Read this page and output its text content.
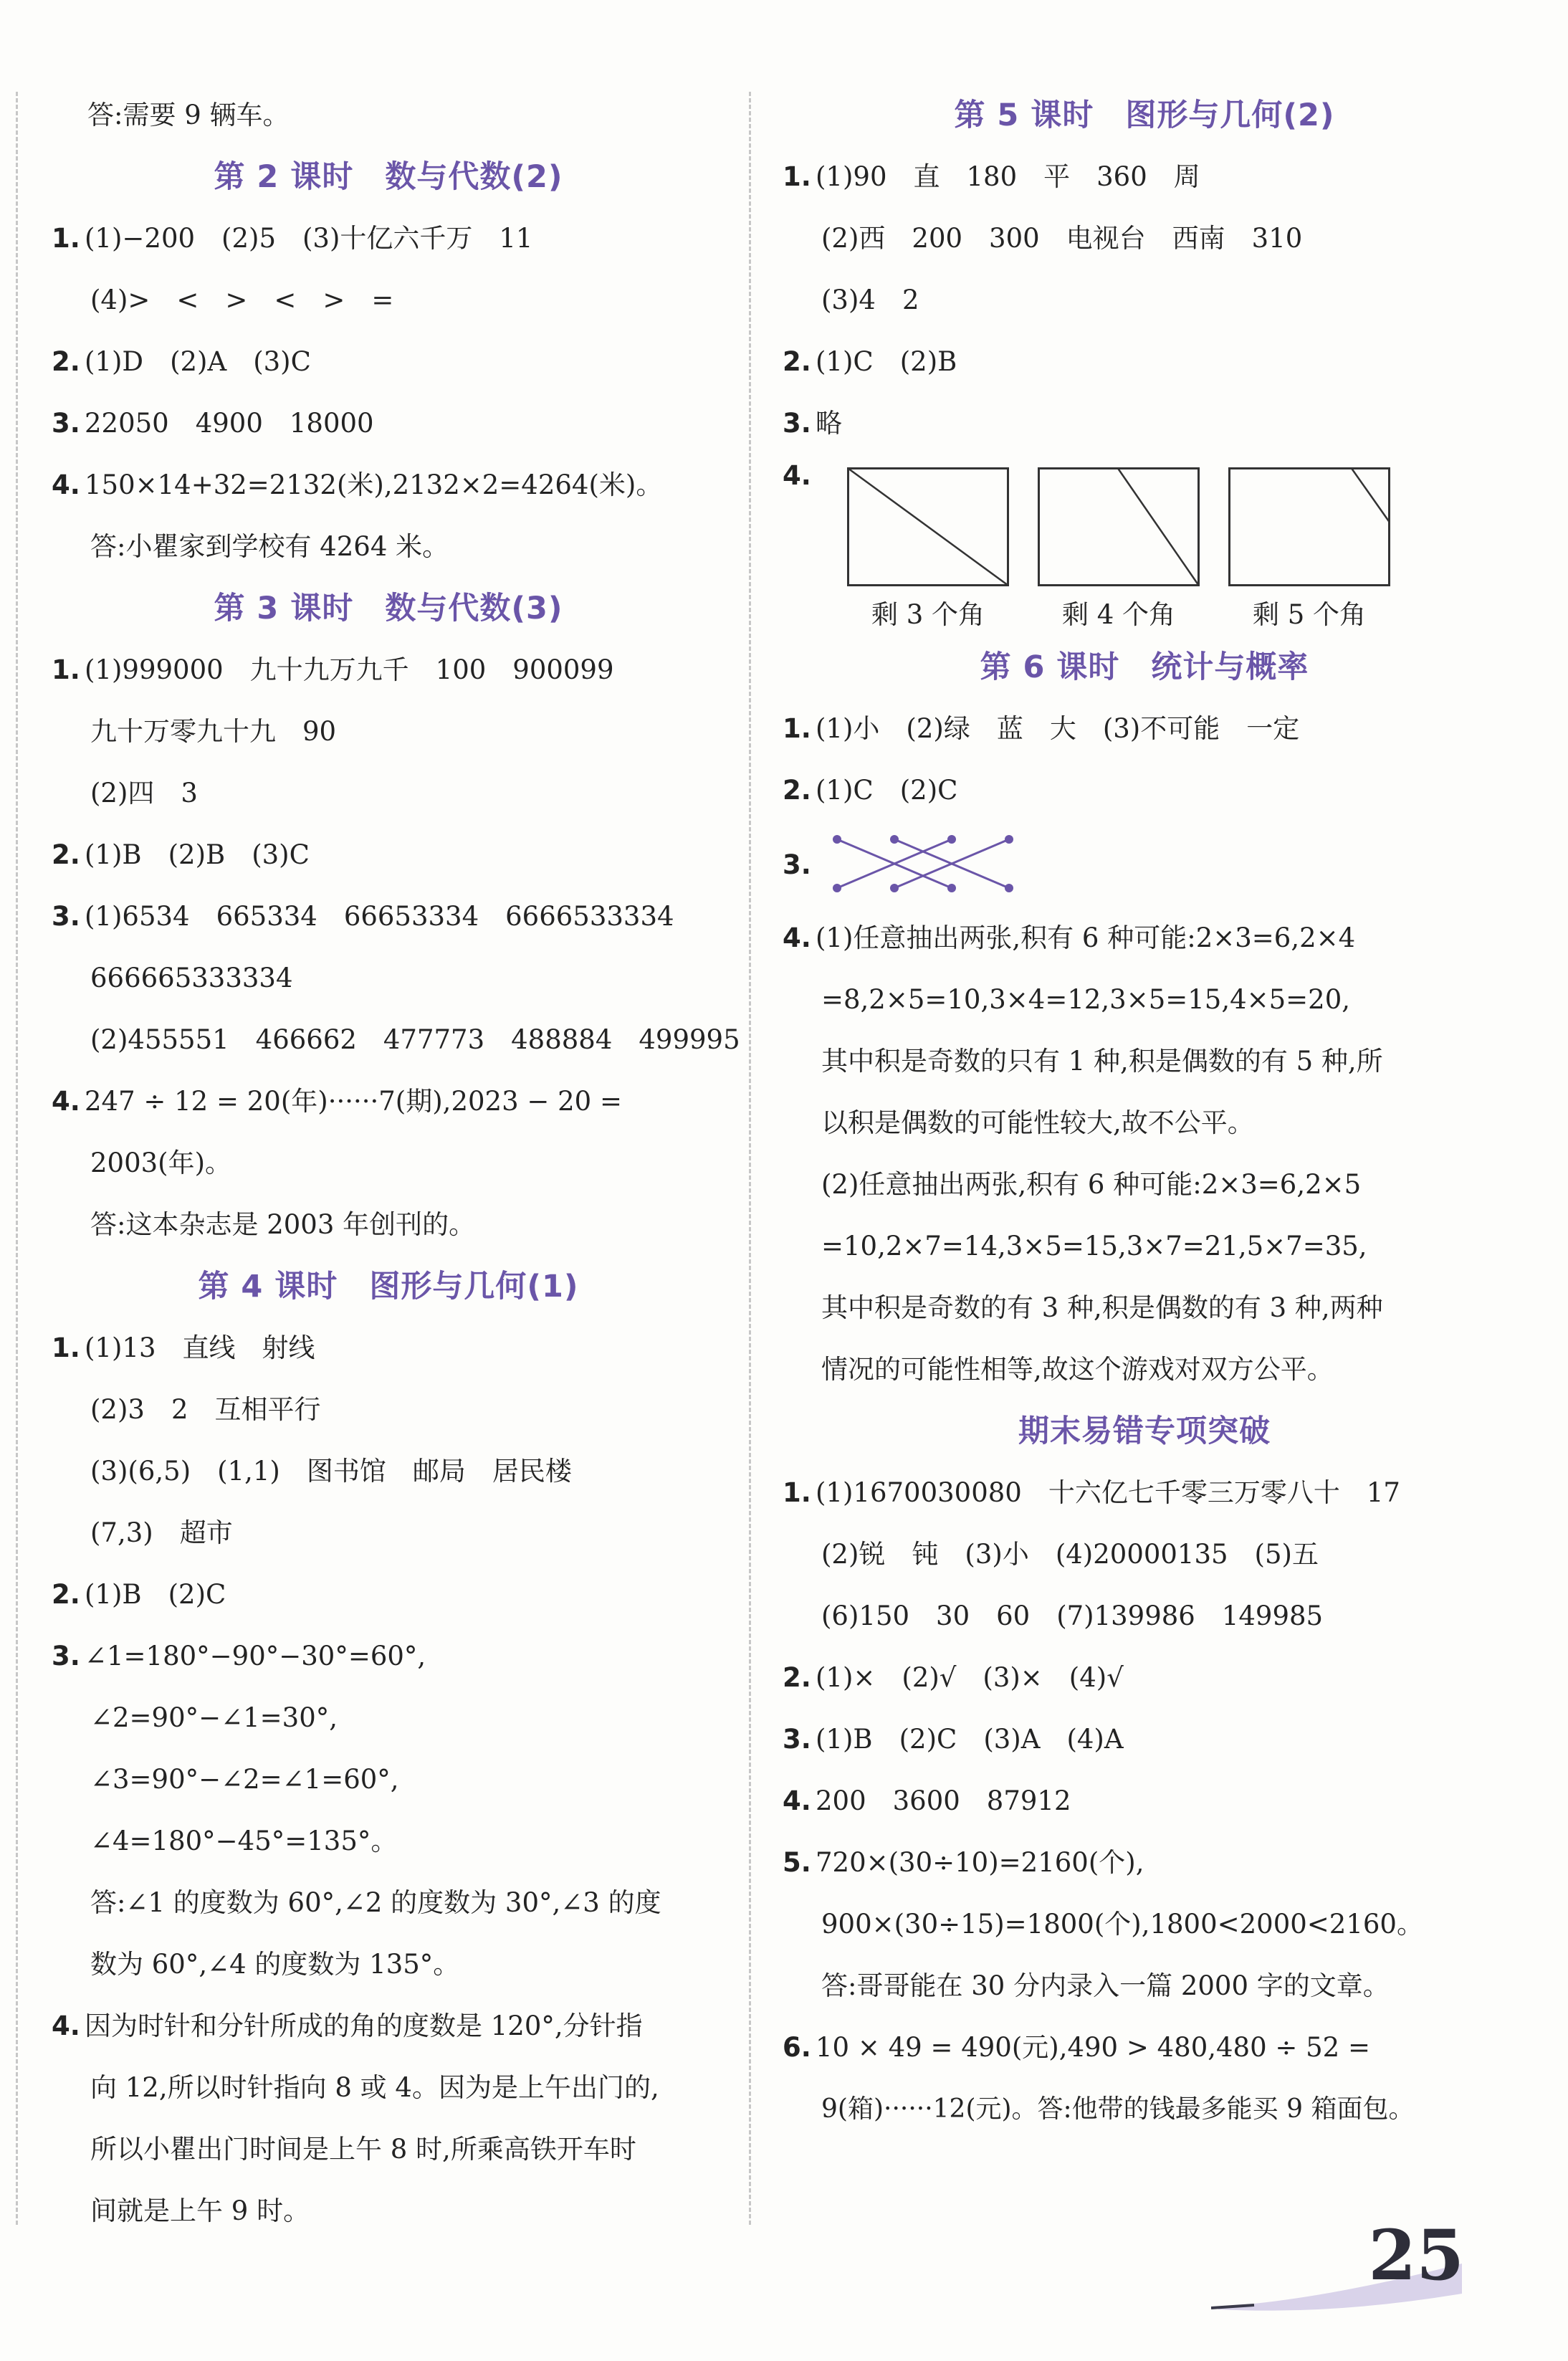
答:需要 9 辆车。
第 2 课时　数与代数(2)
1. (1)−200　(2)5　(3)十亿六千万　11
(4)>　<　>　<　>　=
2. (1)D　(2)A　(3)C
3. 22050　4900　18000
4. 150×14+32=2132(米),2132×2=4264(米)。
答:小瞿家到学校有 4264 米。
第 3 课时　数与代数(3)
1. (1)999000　九十九万九千　100　900099
九十万零九十九　90
(2)四　3
2. (1)B　(2)B　(3)C
3. (1)6534　665334　66653334　6666533334
666665333334
(2)455551　466662　477773　488884　499995
4. 247 ÷ 12 = 20(年)······7(期),2023 − 20 =
2003(年)。
答:这本杂志是 2003 年创刊的。
第 4 课时　图形与几何(1)
1. (1)13　直线　射线
(2)3　2　互相平行
(3)(6,5)　(1,1)　图书馆　邮局　居民楼
(7,3)　超市
2. (1)B　(2)C
3. ∠1=180°−90°−30°=60°,
∠2=90°−∠1=30°,
∠3=90°−∠2=∠1=60°,
∠4=180°−45°=135°。
答:∠1 的度数为 60°,∠2 的度数为 30°,∠3 的度
数为 60°,∠4 的度数为 135°。
4. 因为时针和分针所成的角的度数是 120°,分针指
向 12,所以时针指向 8 或 4。因为是上午出门的,
所以小瞿出门时间是上午 8 时,所乘高铁开车时
间就是上午 9 时。
第 5 课时　图形与几何(2)
1. (1)90　直　180　平　360　周
(2)西　200　300　电视台　西南　310
(3)4　2
2. (1)C　(2)B
3. 略
4.
剩 3 个角	剩 4 个角	剩 5 个角
第 6 课时　统计与概率
1. (1)小　(2)绿　蓝　大　(3)不可能　一定
2. (1)C　(2)C
3.
4. (1)任意抽出两张,积有 6 种可能:2×3=6,2×4
=8,2×5=10,3×4=12,3×5=15,4×5=20,
其中积是奇数的只有 1 种,积是偶数的有 5 种,所
以积是偶数的可能性较大,故不公平。
(2)任意抽出两张,积有 6 种可能:2×3=6,2×5
=10,2×7=14,3×5=15,3×7=21,5×7=35,
其中积是奇数的有 3 种,积是偶数的有 3 种,两种
情况的可能性相等,故这个游戏对双方公平。
期末易错专项突破
1. (1)1670030080　十六亿七千零三万零八十　17
(2)锐　钝　(3)小　(4)20000135　(5)五
(6)150　30　60　(7)139986　149985
2. (1)×　(2)√　(3)×　(4)√
3. (1)B　(2)C　(3)A　(4)A
4. 200　3600　87912
5. 720×(30÷10)=2160(个),
900×(30÷15)=1800(个),1800<2000<2160。
答:哥哥能在 30 分内录入一篇 2000 字的文章。
6. 10 × 49 = 490(元),490 > 480,480 ÷ 52 =
9(箱)······12(元)。答:他带的钱最多能买 9 箱面包。
25
